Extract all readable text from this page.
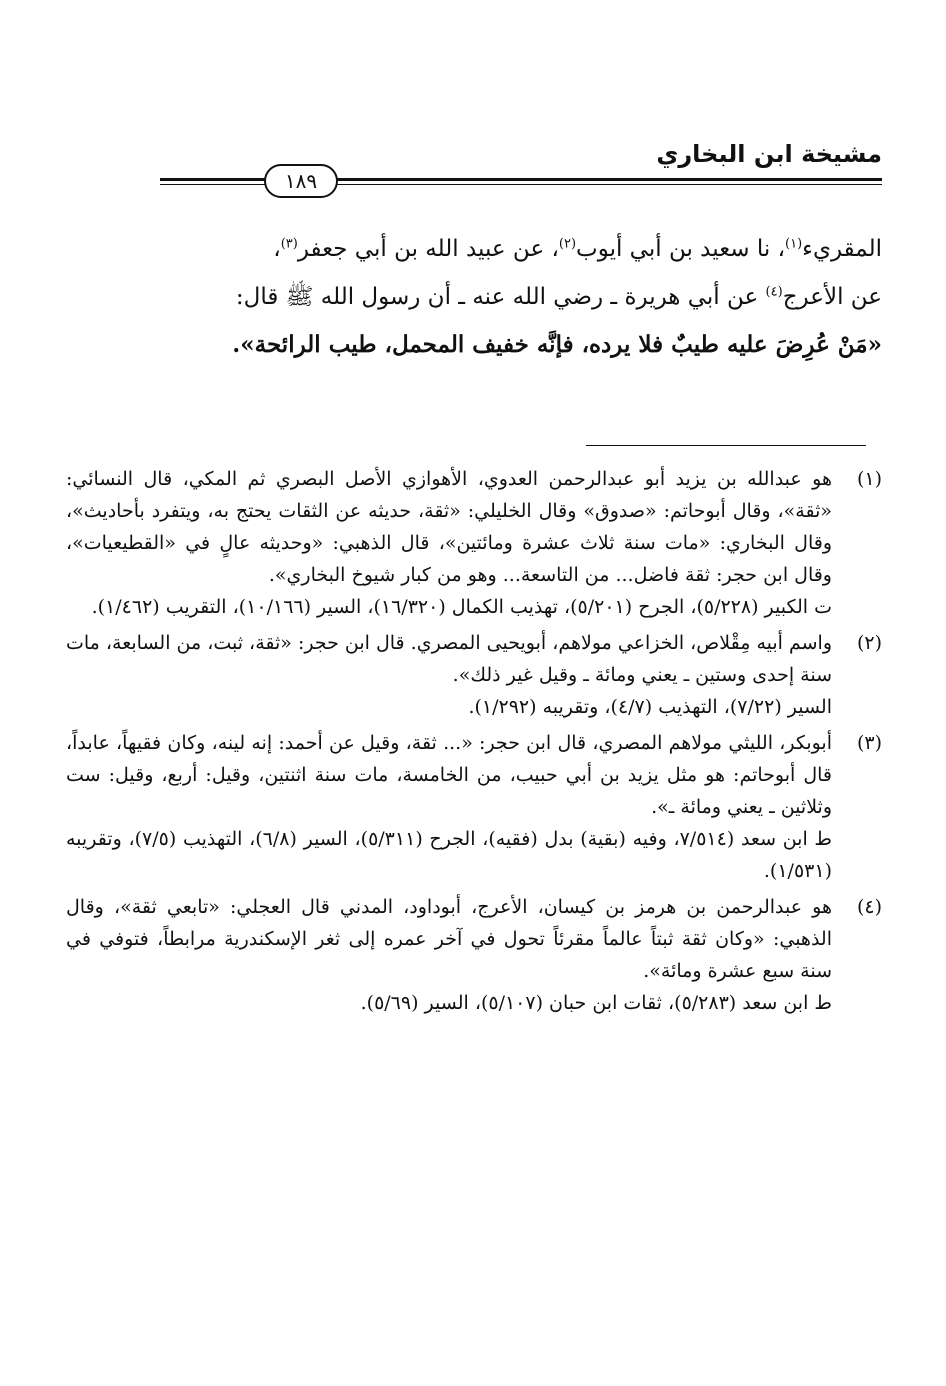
مشيخة ابن البخاري
١٨٩

المقريء$^{(١)}$، نا سعيد بن أبي أيوب$^{(٢)}$، عن عبيد الله بن أبي جعفر$^{(٣)}$،

عن الأعرج$^{(٤)}$ عن أبي هريرة ـ رضي الله عنه ـ أن رسول الله ﷺ قال:

«مَنْ عُرِضَ عليه طيبٌ فلا يرده، فإنَّه خفيف المحمل، طيب الرائحة».

(١)

هو عبدالله بن يزيد أبو عبدالرحمن العدوي، الأهوازي الأصل البصري ثم المكي، قال النسائي: «ثقة»، وقال أبوحاتم: «صدوق» وقال الخليلي: «ثقة، حديثه عن الثقات يحتج به، ويتفرد بأحاديث»، وقال البخاري: «مات سنة ثلاث عشرة ومائتين»، قال الذهبي: «وحديثه عالٍ في «القطيعيات»، وقال ابن حجر: ثقة فاضل... من التاسعة... وهو من كبار شيوخ البخاري».

ت الكبير (٥/٢٢٨)، الجرح (٥/٢٠١)، تهذيب الكمال (١٦/٣٢٠)، السير (١٠/١٦٦)، التقريب (١/٤٦٢).

(٢)

واسم أبيه مِقْلاص، الخزاعي مولاهم، أبويحيى المصري. قال ابن حجر: «ثقة، ثبت، من السابعة، مات سنة إحدى وستين ـ يعني ومائة ـ وقيل غير ذلك».

السير (٧/٢٢)، التهذيب (٤/٧)، وتقريبه (١/٢٩٢).

(٣)

أبوبكر، الليثي مولاهم المصري، قال ابن حجر: «... ثقة، وقيل عن أحمد: إنه لينه، وكان فقيهاً، عابداً، قال أبوحاتم: هو مثل يزيد بن أبي حبيب، من الخامسة، مات سنة اثنتين، وقيل: أربع، وقيل: ست وثلاثين ـ يعني ومائة ـ».

ط ابن سعد (٧/٥١٤، وفيه (بقية) بدل (فقيه)، الجرح (٥/٣١١)، السير (٦/٨)، التهذيب (٧/٥)، وتقريبه (١/٥٣١).

(٤)

هو عبدالرحمن بن هرمز بن كيسان، الأعرج، أبوداود، المدني قال العجلي: «تابعي ثقة»، وقال الذهبي: «وكان ثقة ثبتاً عالماً مقرئاً تحول في آخر عمره إلى ثغر الإسكندرية مرابطاً، فتوفي في سنة سبع عشرة ومائة».

ط ابن سعد (٥/٢٨٣)، ثقات ابن حبان (٥/١٠٧)، السير (٥/٦٩).
